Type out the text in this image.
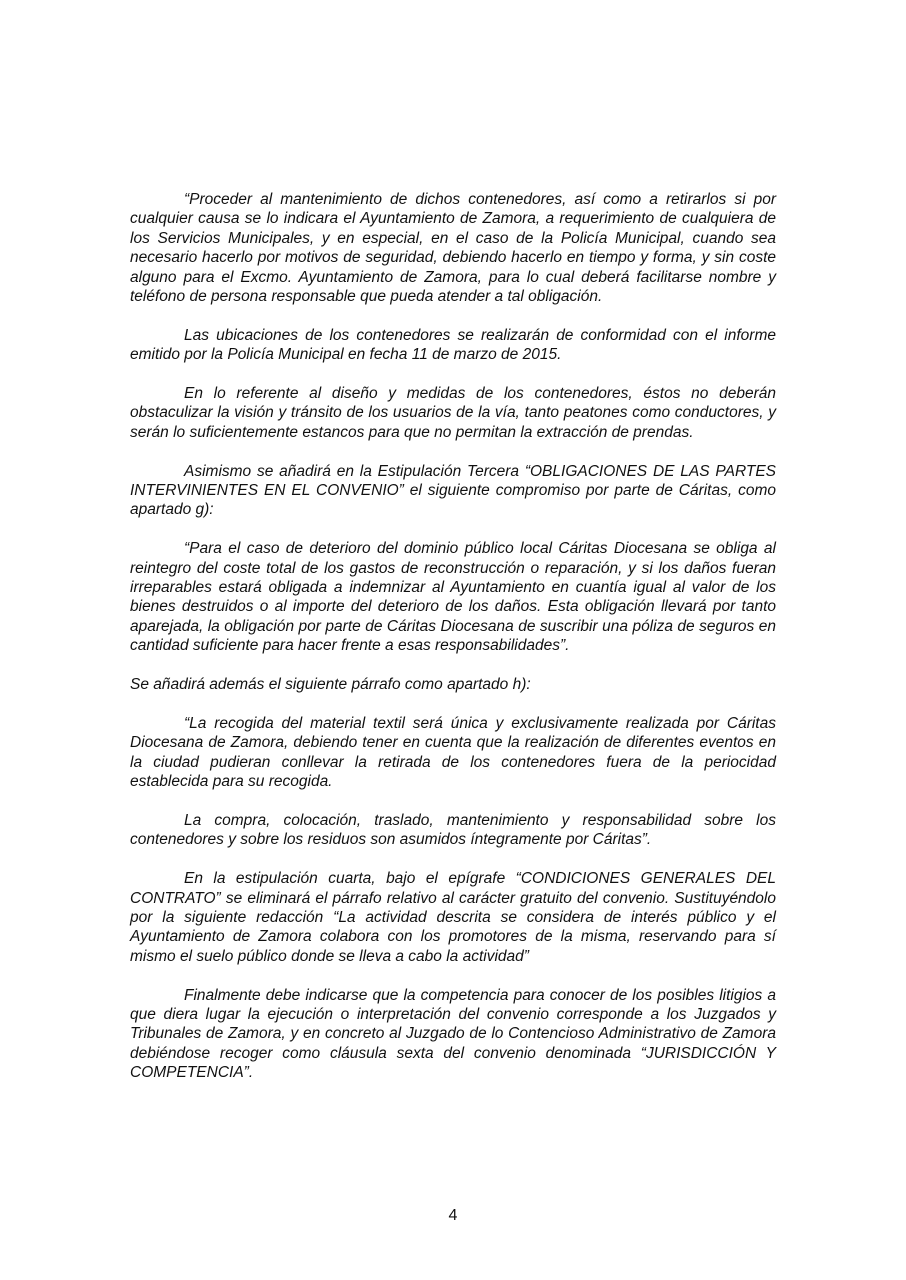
“Proceder al mantenimiento de dichos contenedores, así como a retirarlos si por cualquier causa se lo indicara el Ayuntamiento de Zamora, a requerimiento de cualquiera de los Servicios Municipales, y en especial, en el caso de la Policía Municipal, cuando sea necesario hacerlo por motivos de seguridad, debiendo hacerlo en tiempo y forma, y sin coste alguno para el Excmo. Ayuntamiento de Zamora, para lo cual deberá facilitarse nombre y teléfono de persona responsable que pueda atender a tal obligación.

Las ubicaciones de los contenedores se realizarán de conformidad con el informe emitido por la Policía Municipal en fecha 11 de marzo de 2015.

En lo referente al diseño y medidas de los contenedores, éstos no deberán obstaculizar la visión y tránsito de los usuarios de la vía, tanto peatones como conductores, y serán lo suficientemente estancos para que no permitan la extracción de prendas.

Asimismo se añadirá en la Estipulación Tercera “OBLIGACIONES DE LAS PARTES INTERVINIENTES EN EL CONVENIO” el siguiente compromiso por parte de Cáritas, como apartado g):

“Para el caso de deterioro del dominio público local Cáritas Diocesana se obliga al reintegro del coste total de los gastos de reconstrucción o reparación, y si los daños fueran irreparables estará obligada a indemnizar al Ayuntamiento en cuantía igual al valor de los bienes destruidos o al importe del deterioro de los daños. Esta obligación llevará por tanto aparejada, la obligación por parte de Cáritas Diocesana de suscribir una póliza de seguros en cantidad suficiente para hacer frente a esas responsabilidades”.

Se añadirá además el siguiente párrafo como apartado h):

“La recogida del material textil será única y exclusivamente realizada por Cáritas Diocesana de Zamora, debiendo tener en cuenta que la realización de diferentes eventos en la ciudad pudieran conllevar la retirada de los contenedores fuera de la periocidad establecida para su recogida.

La compra, colocación, traslado, mantenimiento y responsabilidad sobre los contenedores y sobre los residuos son asumidos íntegramente por Cáritas”.

En la estipulación cuarta, bajo el epígrafe “CONDICIONES GENERALES DEL CONTRATO” se eliminará el párrafo relativo al carácter gratuito del convenio. Sustituyéndolo por la siguiente redacción “La actividad descrita se considera de interés público y el Ayuntamiento de Zamora colabora con los promotores de la misma, reservando para sí mismo el suelo público donde se lleva a cabo la actividad”

Finalmente debe indicarse que la competencia para conocer de los posibles litigios a que diera lugar la ejecución o interpretación del convenio corresponde a los Juzgados y Tribunales de Zamora, y en concreto al Juzgado de lo Contencioso Administrativo de Zamora debiéndose recoger como cláusula sexta del convenio denominada “JURISDICCIÓN Y COMPETENCIA”.

4
